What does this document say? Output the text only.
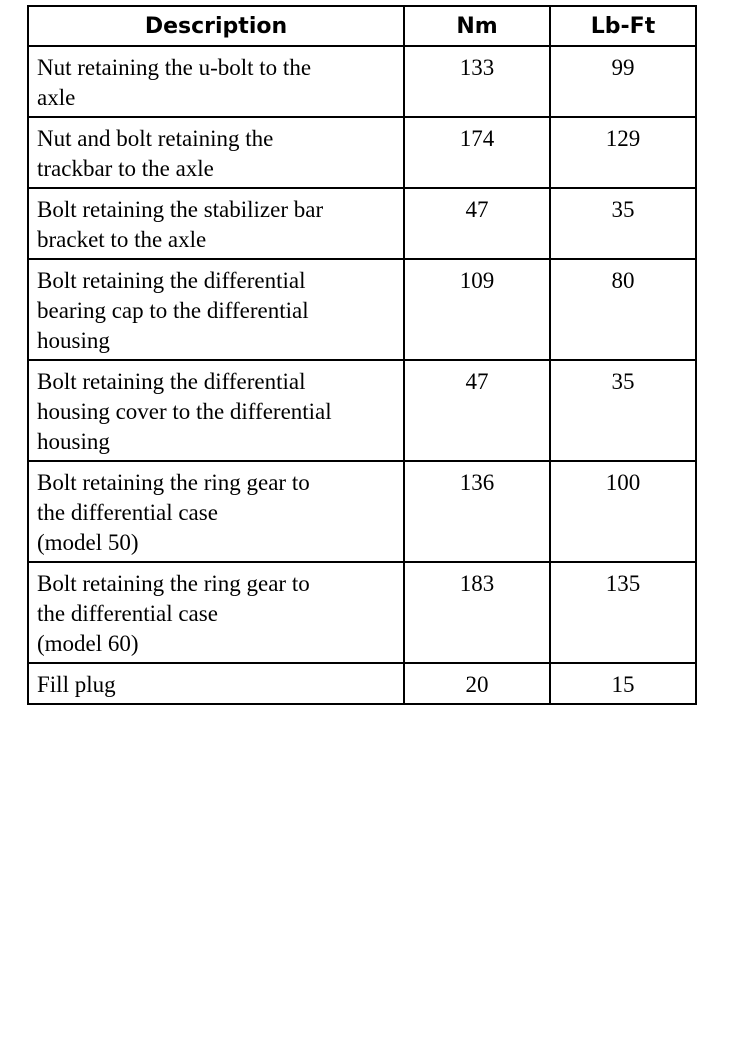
Description	Nm	Lb-Ft

Nut retaining the u-bolt to the
axle	133	99

Nut and bolt retaining the
trackbar to the axle	174	129

Bolt retaining the stabilizer bar
bracket to the axle	47	35

Bolt retaining the differential
bearing cap to the differential
housing	109	80

Bolt retaining the differential
housing cover to the differential
housing	47	35

Bolt retaining the ring gear to
the differential case
(model 50)	136	100

Bolt retaining the ring gear to
the differential case
(model 60)	183	135

Fill plug	20	15
